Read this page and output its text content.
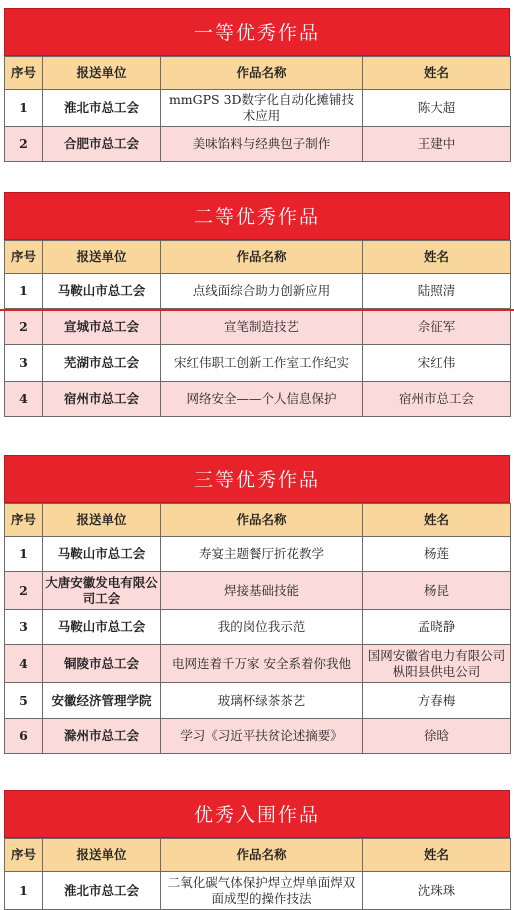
一等优秀作品
序号	报送单位	作品名称	姓名
1	淮北市总工会	mmGPS 3D数字化自动化摊铺技术应用	陈大超
2	合肥市总工会	美味馅料与经典包子制作	王建中
二等优秀作品
序号	报送单位	作品名称	姓名
1	马鞍山市总工会	点线面综合助力创新应用	陆照清
2	宣城市总工会	宣笔制造技艺	佘征军
3	芜湖市总工会	宋红伟职工创新工作室工作纪实	宋红伟
4	宿州市总工会	网络安全——个人信息保护	宿州市总工会
三等优秀作品
序号	报送单位	作品名称	姓名
1	马鞍山市总工会	寿宴主题餐厅折花教学	杨莲
2	大唐安徽发电有限公司工会	焊接基础技能	杨昆
3	马鞍山市总工会	我的岗位我示范	孟晓静
4	铜陵市总工会	电网连着千万家 安全系着你我他	国网安徽省电力有限公司枞阳县供电公司
5	安徽经济管理学院	玻璃杯绿茶茶艺	方春梅
6	滁州市总工会	学习《习近平扶贫论述摘要》	徐晗
优秀入围作品
序号	报送单位	作品名称	姓名
1	淮北市总工会	二氧化碳气体保护焊立焊单面焊双面成型的操作技法	沈珠珠
